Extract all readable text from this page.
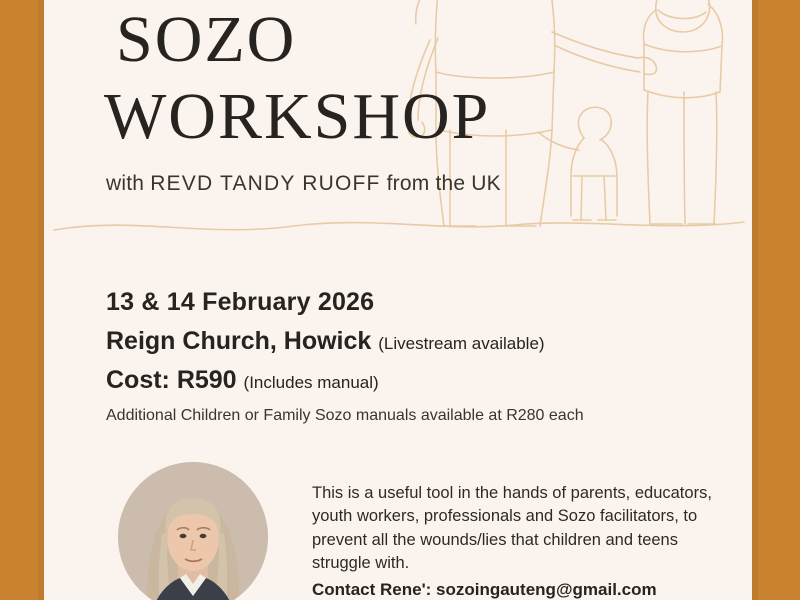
SOZO
WORKSHOP
with REVD TANDY RUOFF from the UK
13 & 14 February 2026
Reign Church, Howick (Livestream available)
Cost: R590 (Includes manual)
Additional Children or Family Sozo manuals available at R280 each
This is a useful tool in the hands of parents, educators, youth workers, professionals and Sozo facilitators, to prevent all the wounds/lies that children and teens struggle with.
Contact Rene': sozoingauteng@gmail.com
